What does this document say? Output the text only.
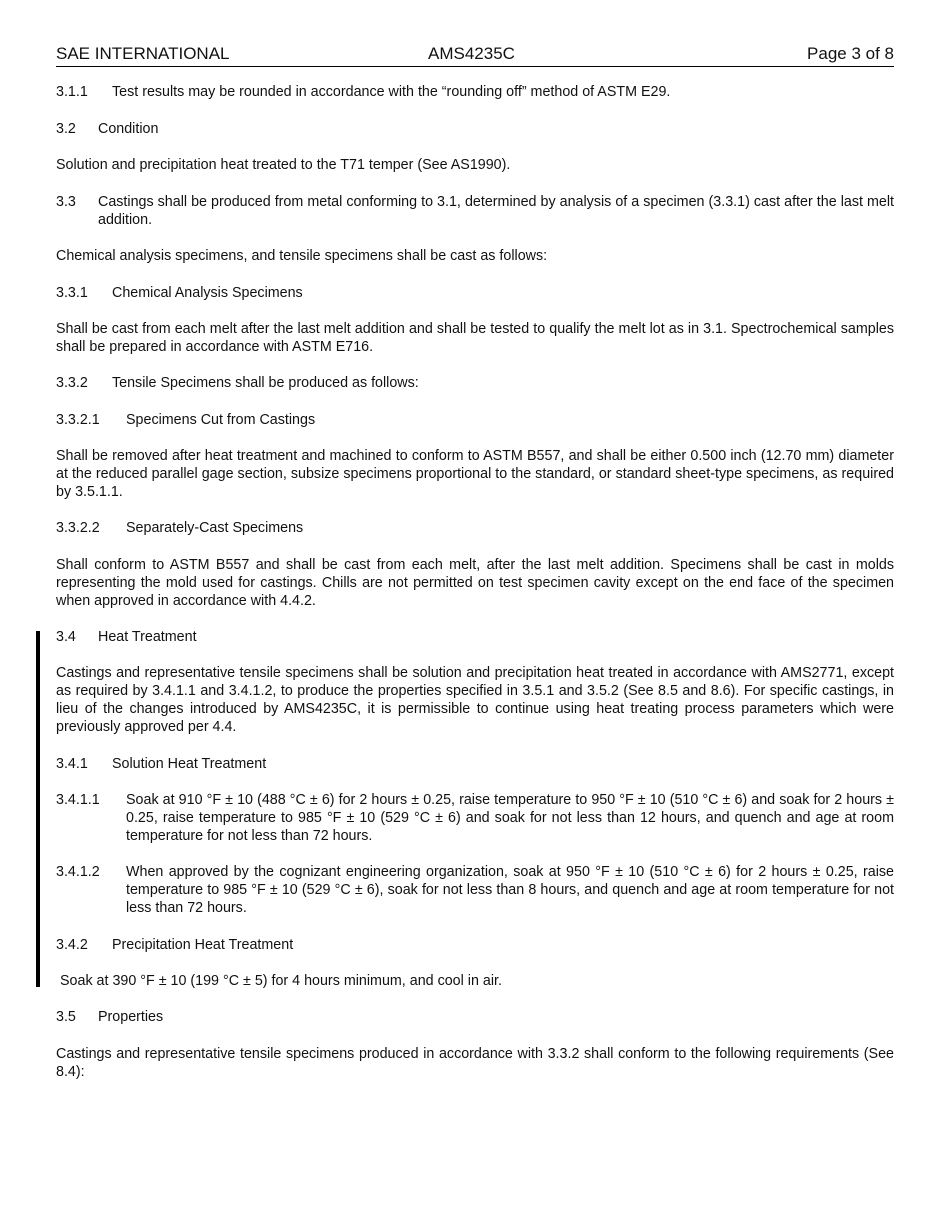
SAE INTERNATIONAL	AMS4235C	Page 3 of 8
3.1.1 Test results may be rounded in accordance with the “rounding off” method of ASTM E29.
3.2 Condition

Solution and precipitation heat treated to the T71 temper (See AS1990).

3.3 Castings shall be produced from metal conforming to 3.1, determined by analysis of a specimen (3.3.1) cast after the last melt addition.

Chemical analysis specimens, and tensile specimens shall be cast as follows:

3.3.1 Chemical Analysis Specimens

Shall be cast from each melt after the last melt addition and shall be tested to qualify the melt lot as in 3.1. Spectrochemical samples shall be prepared in accordance with ASTM E716.

3.3.2 Tensile Specimens shall be produced as follows:
3.3.2.1 Specimens Cut from Castings

Shall be removed after heat treatment and machined to conform to ASTM B557, and shall be either 0.500 inch (12.70 mm) diameter at the reduced parallel gage section, subsize specimens proportional to the standard, or standard sheet-type specimens, as required by 3.5.1.1.

3.3.2.2 Separately-Cast Specimens

Shall conform to ASTM B557 and shall be cast from each melt, after the last melt addition. Specimens shall be cast in molds representing the mold used for castings. Chills are not permitted on test specimen cavity except on the end face of the specimen when approved in accordance with 4.4.2.

3.4 Heat Treatment

Castings and representative tensile specimens shall be solution and precipitation heat treated in accordance with AMS2771, except as required by 3.4.1.1 and 3.4.1.2, to produce the properties specified in 3.5.1 and 3.5.2 (See 8.5 and 8.6). For specific castings, in lieu of the changes introduced by AMS4235C, it is permissible to continue using heat treating process parameters which were previously approved per 4.4.

3.4.1 Solution Heat Treatment
3.4.1.1 Soak at 910 °F ± 10 (488 °C ± 6) for 2 hours ± 0.25, raise temperature to 950 °F ± 10 (510 °C ± 6) and soak for 2 hours ± 0.25, raise temperature to 985 °F ± 10 (529 °C ± 6) and soak for not less than 12 hours, and quench and age at room temperature for not less than 72 hours.

3.4.1.2 When approved by the cognizant engineering organization, soak at 950 °F ± 10 (510 °C ± 6) for 2 hours ± 0.25, raise temperature to 985 °F ± 10 (529 °C ± 6), soak for not less than 8 hours, and quench and age at room temperature for not less than 72 hours.

3.4.2 Precipitation Heat Treatment

Soak at 390 °F ± 10 (199 °C ± 5) for 4 hours minimum, and cool in air.

3.5 Properties

Castings and representative tensile specimens produced in accordance with 3.3.2 shall conform to the following requirements (See 8.4):
